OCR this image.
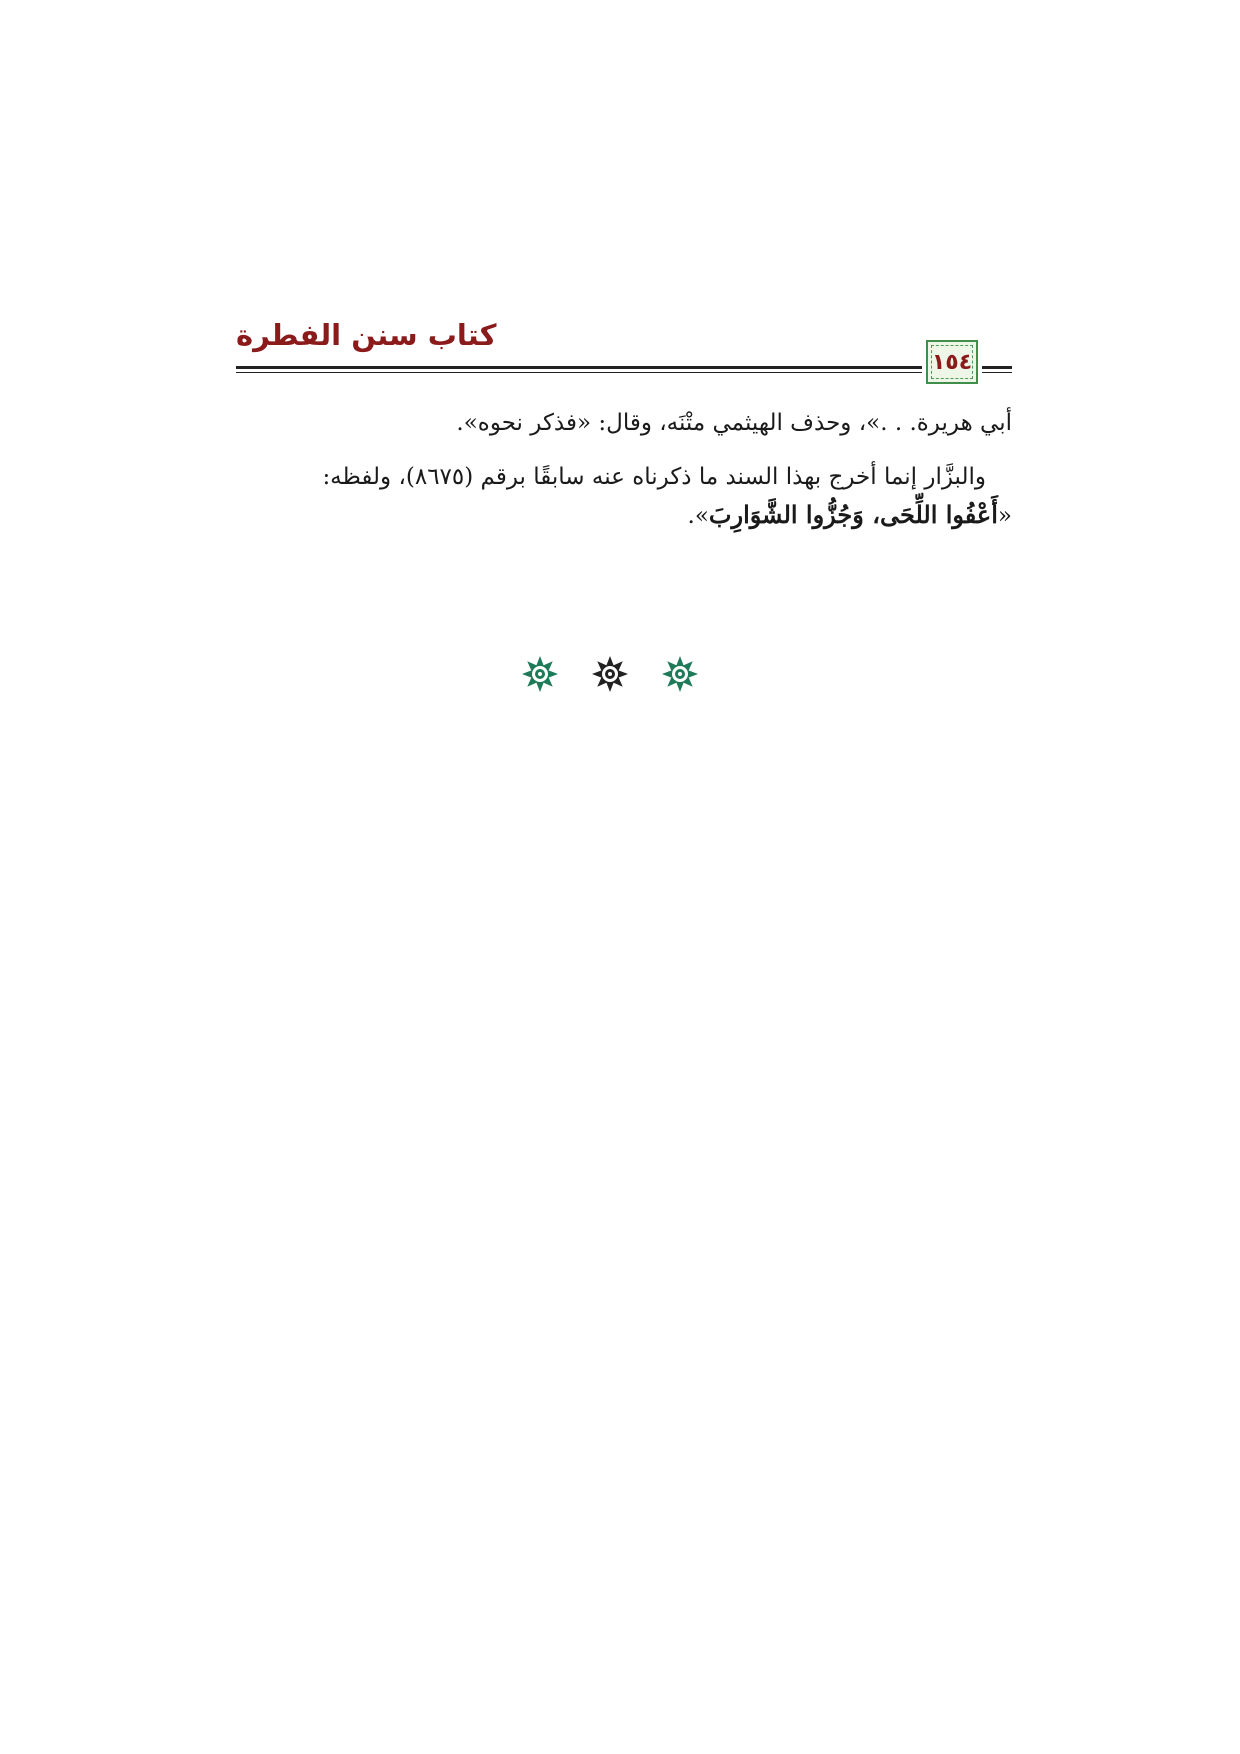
كتاب سنن الفطرة
١٥٤

أبي هريرة. . .»، وحذف الهيثمي متْنَه، وقال: «فذكر نحوه».

والبزَّار إنما أخرج بهذا السند ما ذكرناه عنه سابقًا برقم (٨٦٧٥)، ولفظه:

«أَعْفُوا اللِّحَى، وَجُزُّوا الشَّوَارِبَ».
